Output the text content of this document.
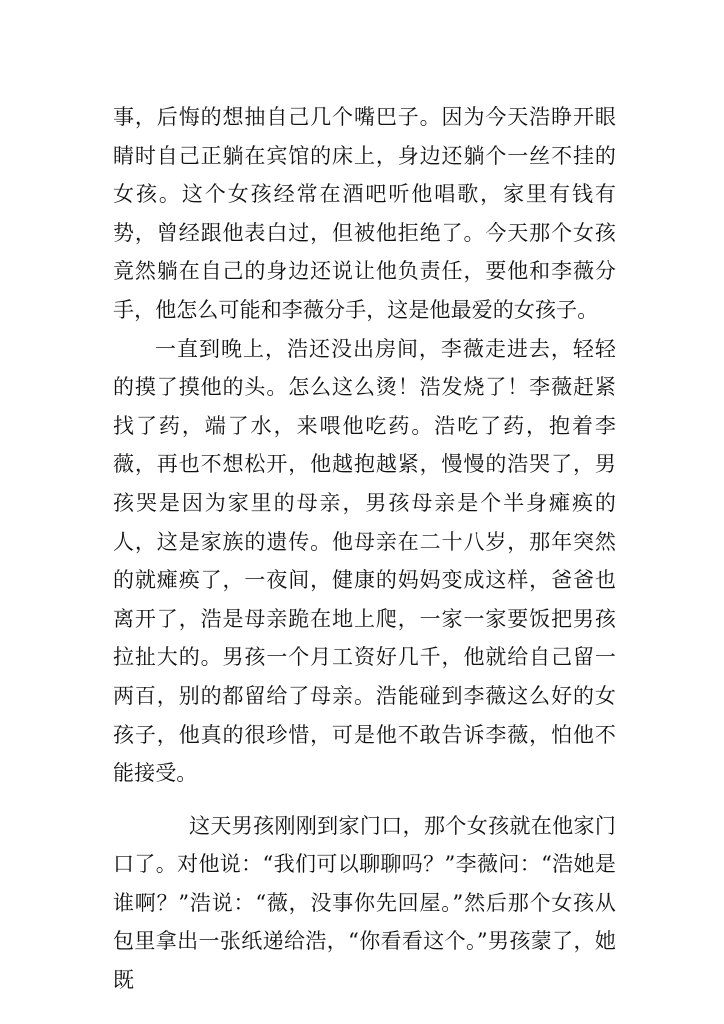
事，后悔的想抽自己几个嘴巴子。因为今天浩睁开眼睛时自己正躺在宾馆的床上，身边还躺个一丝不挂的女孩。这个女孩经常在酒吧听他唱歌，家里有钱有势，曾经跟他表白过，但被他拒绝了。今天那个女孩竟然躺在自己的身边还说让他负责任，要他和李薇分手，他怎么可能和李薇分手，这是他最爱的女孩子。

一直到晚上，浩还没出房间，李薇走进去，轻轻的摸了摸他的头。怎么这么烫！浩发烧了！李薇赶紧找了药，端了水，来喂他吃药。浩吃了药，抱着李薇，再也不想松开，他越抱越紧，慢慢的浩哭了，男孩哭是因为家里的母亲，男孩母亲是个半身瘫痪的人，这是家族的遗传。他母亲在二十八岁，那年突然的就瘫痪了，一夜间，健康的妈妈变成这样，爸爸也离开了，浩是母亲跪在地上爬，一家一家要饭把男孩拉扯大的。男孩一个月工资好几千，他就给自己留一两百，别的都留给了母亲。浩能碰到李薇这么好的女孩子，他真的很珍惜，可是他不敢告诉李薇，怕他不能接受。

这天男孩刚刚到家门口，那个女孩就在他家门口了。对他说：“我们可以聊聊吗？”李薇问：“浩她是谁啊？”浩说：“薇，没事你先回屋。”然后那个女孩从包里拿出一张纸递给浩，“你看看这个。”男孩蒙了，她既
